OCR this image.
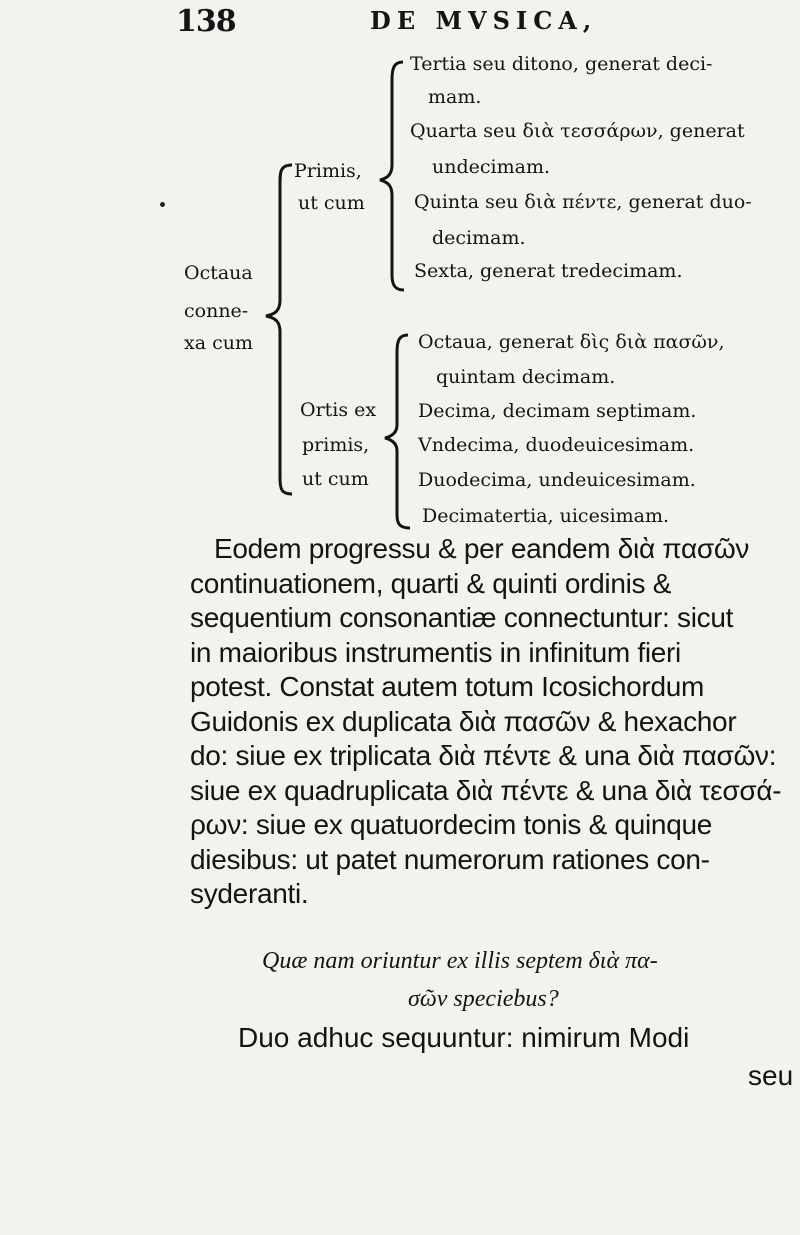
138	DE MVSICA,
Octaua
conne-
xa cum
Primis,
ut cum
Tertia seu ditono, generat deci-
mam.
Quarta seu διὰ τεσσάρων, generat
undecimam.
Quinta seu διὰ πέντε, generat duo-
decimam.
Sexta, generat tredecimam.
Ortis ex
primis,
ut cum
Octaua, generat δὶς διὰ πασῶν,
quintam decimam.
Decima, decimam septimam.
Vndecima, duodeuicesimam.
Duodecima, undeuicesimam.
Decimatertia, uicesimam.
Eodem progressu & per eandem διὰ πασῶν
continuationem, quarti & quinti ordinis &
sequentium consonantiæ connectuntur: sicut
in maioribus instrumentis in infinitum fieri
potest. Constat autem totum Icosichordum
Guidonis ex duplicata διὰ πασῶν & hexachor
do: siue ex triplicata διὰ πέντε & una διὰ πασῶν:
siue ex quadruplicata διὰ πέντε & una διὰ τεσσά-
ρων: siue ex quatuordecim tonis & quinque
diesibus: ut patet numerorum rationes con-
syderanti.
Quæ nam oriuntur ex illis septem διὰ πα-
σῶν speciebus?
Duo adhuc sequuntur: nimirum Modi
seu
